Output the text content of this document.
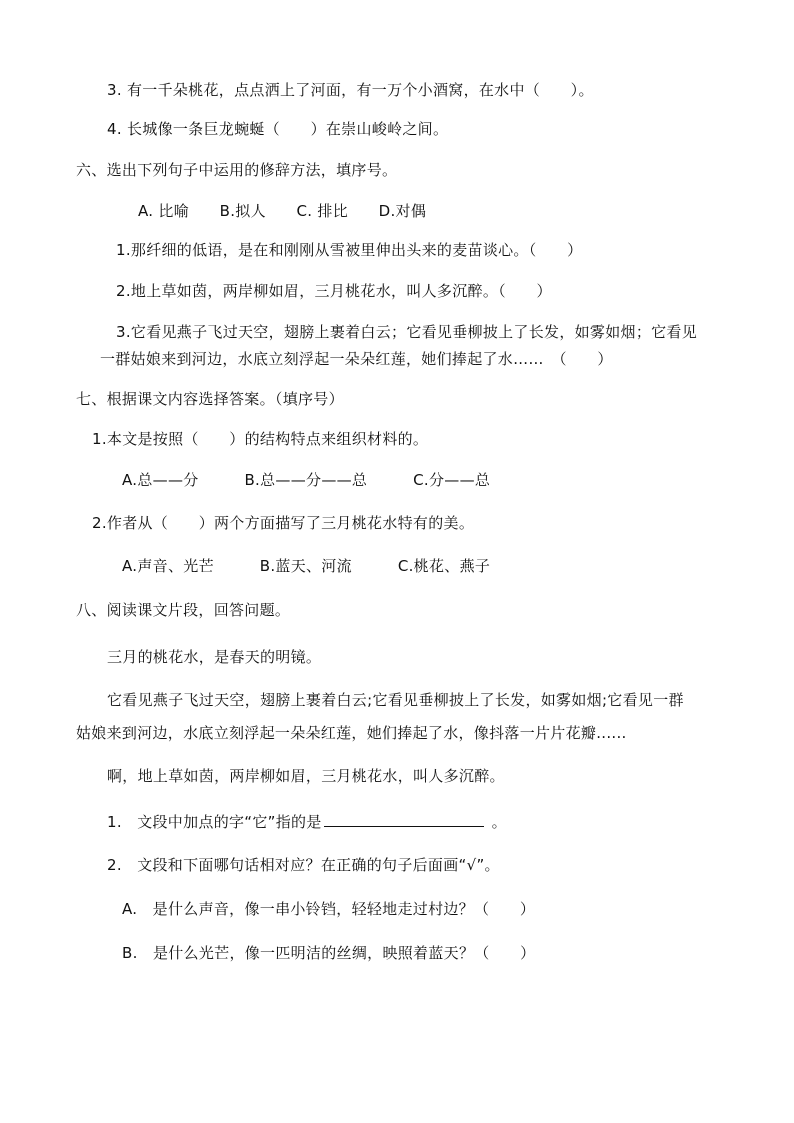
3. 有一千朵桃花，点点洒上了河面，有一万个小酒窝，在水中（　　）。
4. 长城像一条巨龙蜿蜒（　　）在崇山峻岭之间。
六、选出下列句子中运用的修辞方法，填序号。
A. 比喻　　B.拟人　　C. 排比　　D.对偶
1.那纤细的低语，是在和刚刚从雪被里伸出头来的麦苗谈心。（　　）
2.地上草如茵，两岸柳如眉，三月桃花水，叫人多沉醉。（　　）
3.它看见燕子飞过天空，翅膀上裹着白云；它看见垂柳披上了长发，如雾如烟；它看见
一群姑娘来到河边，水底立刻浮起一朵朵红莲，她们捧起了水……　（　　）
七、根据课文内容选择答案。（填序号）
1.本文是按照（　　）的结构特点来组织材料的。
A.总——分　　　B.总——分——总　　　C.分——总
2.作者从（　　）两个方面描写了三月桃花水特有的美。
A.声音、光芒　　　B.蓝天、河流　　　C.桃花、燕子
八、阅读课文片段，回答问题。
三月的桃花水，是春天的明镜。
它看见燕子飞过天空，翅膀上裹着白云;它看见垂柳披上了长发，如雾如烟;它看见一群
姑娘来到河边，水底立刻浮起一朵朵红莲，她们捧起了水，像抖落一片片花瓣......
啊，地上草如茵，两岸柳如眉，三月桃花水，叫人多沉醉。
1.　文段中加点的字“它”指的是	。
2.　文段和下面哪句话相对应？在正确的句子后面画“√”。
A.　是什么声音，像一串小铃铛，轻轻地走过村边？（　　）
B.　是什么光芒，像一匹明洁的丝绸，映照着蓝天？（　　）
